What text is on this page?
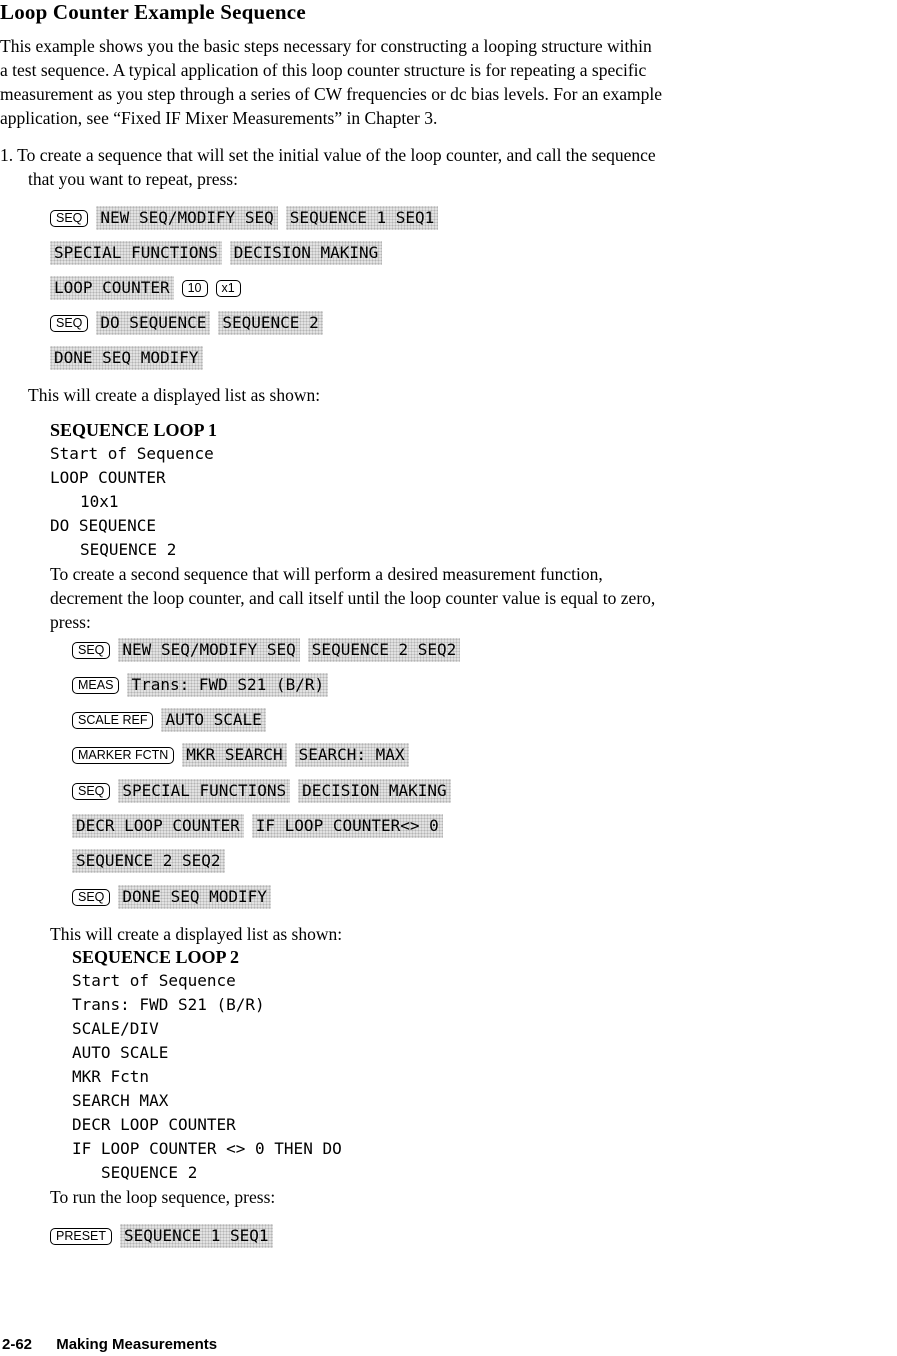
Loop Counter Example Sequence
This example shows you the basic steps necessary for constructing a looping structure within
a test sequence. A typical application of this loop counter structure is for repeating a specific
measurement as you step through a series of CW frequencies or dc bias levels. For an example
application, see “Fixed IF Mixer Measurements” in Chapter 3.
1. To create a sequence that will set the initial value of the loop counter, and call the sequence
that you want to repeat, press:
SEQ	NEW SEQ/MODIFY SEQ SEQUENCE 1 SEQ1
SPECIAL FUNCTIONS DECISION MAKING
LOOP COUNTER	10	x1
SEQ	DO SEQUENCE SEQUENCE 2
DONE SEQ MODIFY
This will create a displayed list as shown:
SEQUENCE LOOP 1
Start of Sequence
LOOP COUNTER
10x1
DO SEQUENCE
SEQUENCE 2
To create a second sequence that will perform a desired measurement function,
decrement the loop counter, and call itself until the loop counter value is equal to zero,
press:
SEQ	NEW SEQ/MODIFY SEQ SEQUENCE 2 SEQ2
MEAS	Trans: FWD S21 (B/R)
SCALE REF	AUTO SCALE
MARKER FCTN	MKR SEARCH SEARCH: MAX
SEQ	SPECIAL FUNCTIONS DECISION MAKING
DECR LOOP COUNTER IF LOOP COUNTER<> 0
SEQUENCE 2 SEQ2
SEQ	DONE SEQ MODIFY
This will create a displayed list as shown:
SEQUENCE LOOP 2
Start of Sequence
Trans: FWD S21 (B/R)
SCALE/DIV
AUTO SCALE
MKR Fctn
SEARCH MAX
DECR LOOP COUNTER
IF LOOP COUNTER <> 0 THEN DO
SEQUENCE 2
To run the loop sequence, press:
PRESET	SEQUENCE 1 SEQ1
2-62 Making Measurements
